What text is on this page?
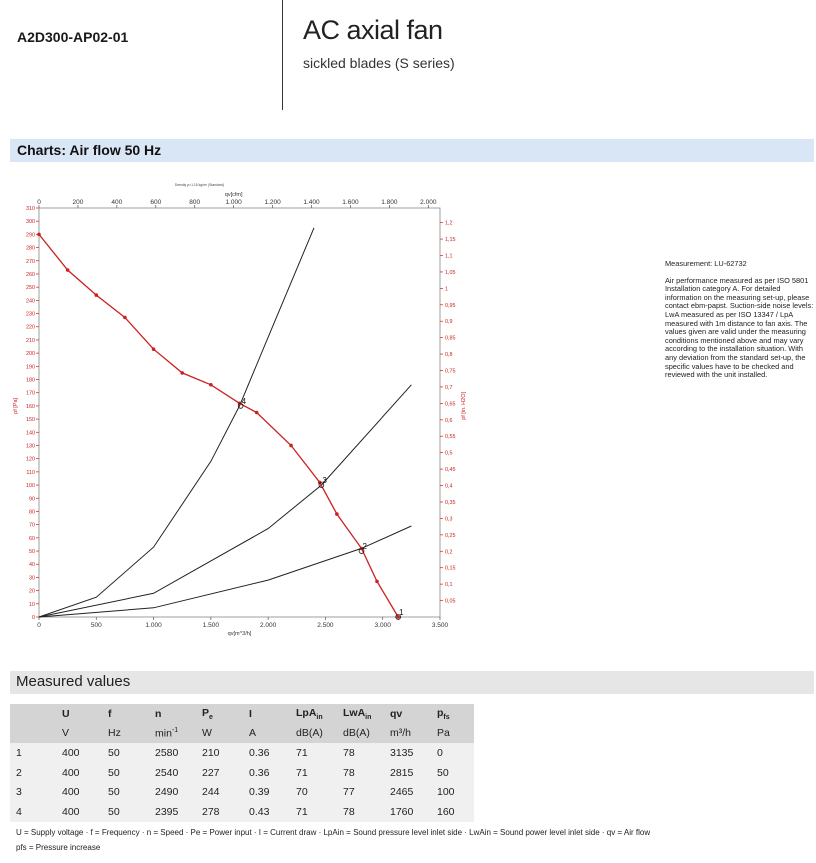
A2D300-AP02-01	AC axial fan
sickled blades (S series)
Charts: Air flow 50 Hz
Density ρ=1.15 kg/m³ (Standard)
0	500	1.000	1.500	2.000	2.500	3.000	3.500
qv[m^3/h]
0	200	400	600	800	1.000	1.200	1.400	1.600	1.800	2.000
qv[cfm]
0
10
20
30
40
50
60
70
80
90
100
110
120
130
140
150
160
170
180
190
200
210
220
230
240
250
260
270
280
290
300
310
pf [Pa]
0,05
0,1
0,15
0,2
0,25
0,3
0,35
0,4
0,45
0,5
0,55
0,6
0,65
0,7
0,75
0,8
0,85
0,9
0,95
1
1,05
1,1
1,15
1,2
pf [in. H2O]
4
3
2
1
Measurement: LU-62732
Air performance measured as per ISO 5801 Installation category A. For detailed information on the measuring set-up, please contact ebm-papst. Suction-side noise levels: LwA measured as per ISO 13347 / LpA measured with 1m distance to fan axis. The values given are valid under the measuring conditions mentioned above and may vary according to the installation situation. With any deviation from the standard set-up, the specific values have to be checked and reviewed with the unit installed.
Measured values
	U	f	n	$P_e$	I	LpA$_{in}$	LwA$_{in}$	qv	$p_{fs}$
	V	Hz	$\min^{-1}$	W	A	dB(A)	dB(A)	m³/h	Pa
1	400	50	2580	210	0.36	71	78	3135	0
2	400	50	2540	227	0.36	71	78	2815	50
3	400	50	2490	244	0.39	70	77	2465	100
4	400	50	2395	278	0.43	71	78	1760	160
U = Supply voltage · f = Frequency · n = Speed · Pe = Power input · I = Current draw · LpAin = Sound pressure level inlet side · LwAin = Sound power level inlet side · qv = Air flow
pfs = Pressure increase
